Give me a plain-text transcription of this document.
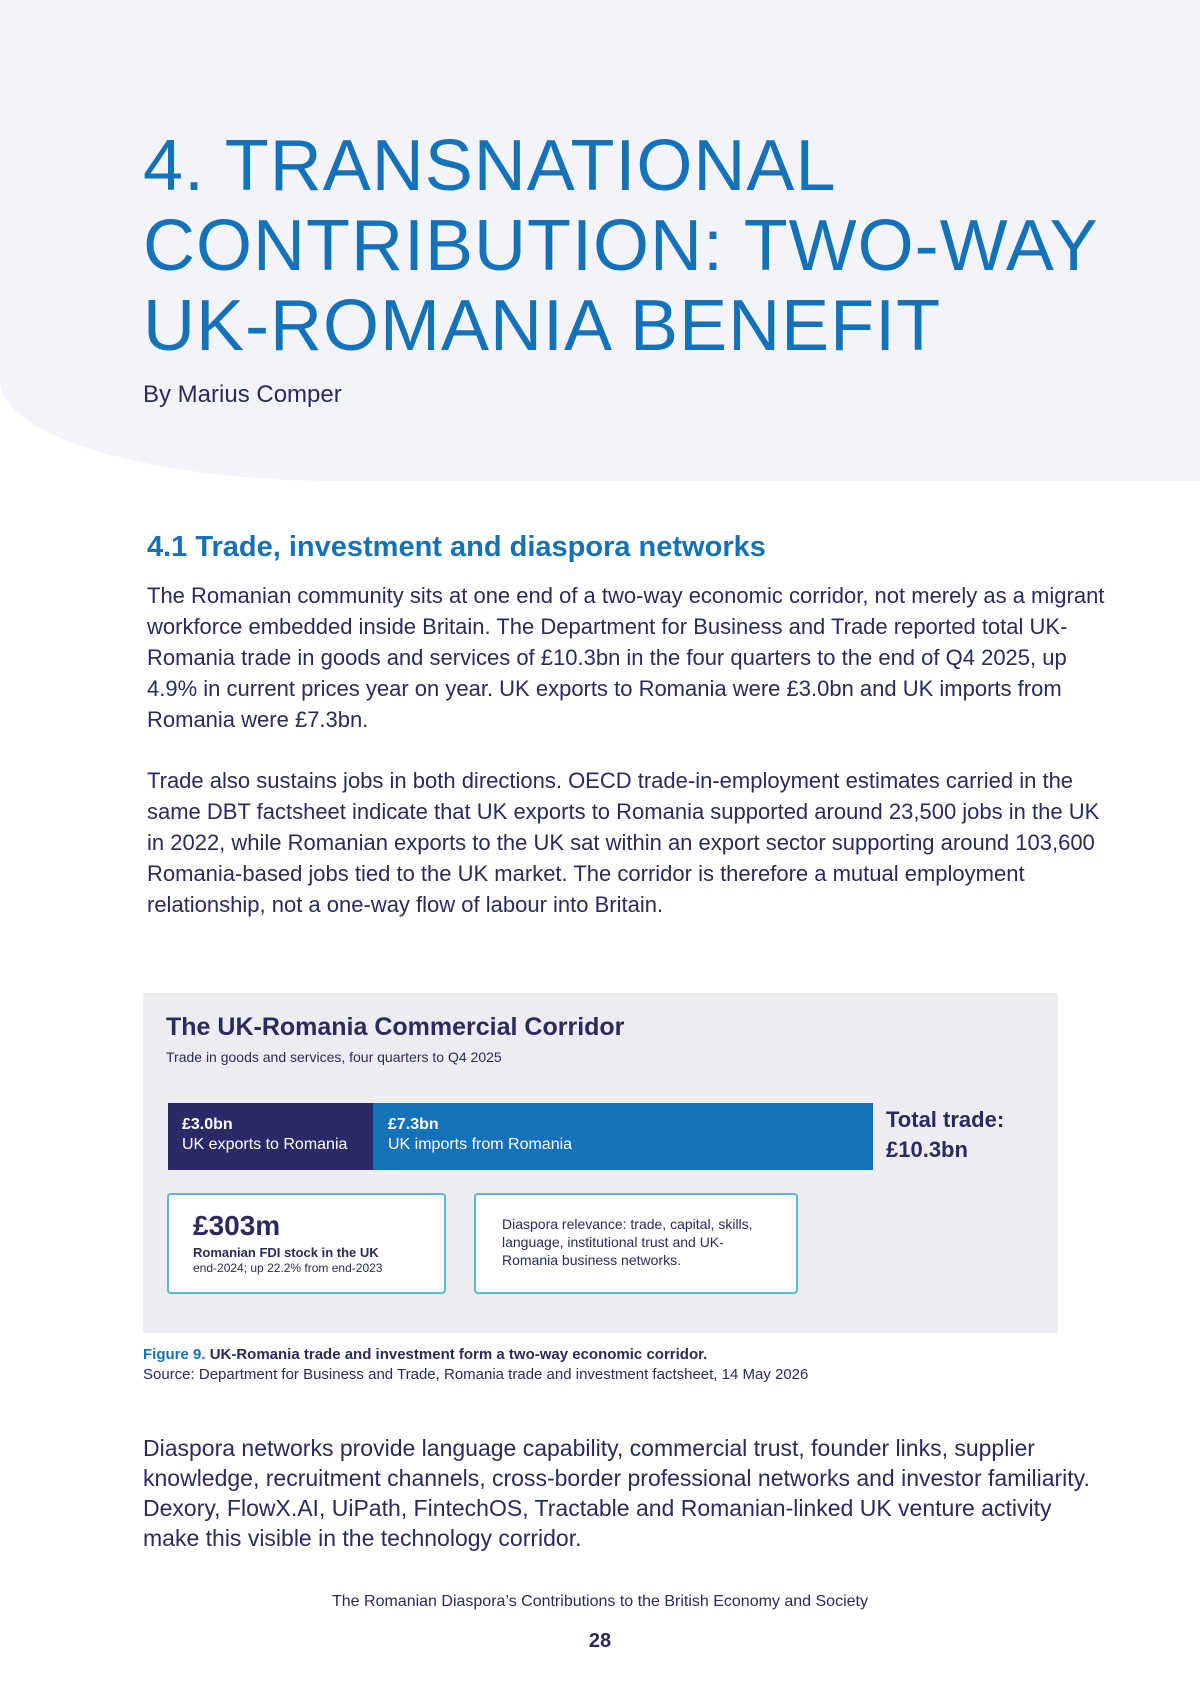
4. TRANSNATIONAL
CONTRIBUTION: TWO-WAY
UK-ROMANIA BENEFIT

By Marius Comper

4.1 Trade, investment and diaspora networks

The Romanian community sits at one end of a two-way economic corridor, not merely as a migrant workforce embedded inside Britain. The Department for Business and Trade reported total UK-Romania trade in goods and services of £10.3bn in the four quarters to the end of Q4 2025, up 4.9% in current prices year on year. UK exports to Romania were £3.0bn and UK imports from Romania were £7.3bn.

Trade also sustains jobs in both directions. OECD trade-in-employment estimates carried in the same DBT factsheet indicate that UK exports to Romania supported around 23,500 jobs in the UK in 2022, while Romanian exports to the UK sat within an export sector supporting around 103,600 Romania-based jobs tied to the UK market. The corridor is therefore a mutual employment relationship, not a one-way flow of labour into Britain.

The UK-Romania Commercial Corridor

Trade in goods and services, four quarters to Q4 2025

£3.0bn
UK exports to Romania
£7.3bn
UK imports from Romania
Total trade:
£10.3bn
£303m
Romanian FDI stock in the UK
end-2024; up 22.2% from end-2023
Diaspora relevance: trade, capital, skills, language, institutional trust and UK-Romania business networks.

Figure 9. UK-Romania trade and investment form a two-way economic corridor.
Source: Department for Business and Trade, Romania trade and investment factsheet, 14 May 2026

Diaspora networks provide language capability, commercial trust, founder links, supplier knowledge, recruitment channels, cross-border professional networks and investor familiarity. Dexory, FlowX.AI, UiPath, FintechOS, Tractable and Romanian-linked UK venture activity make this visible in the technology corridor.

The Romanian Diaspora’s Contributions to the British Economy and Society

28
